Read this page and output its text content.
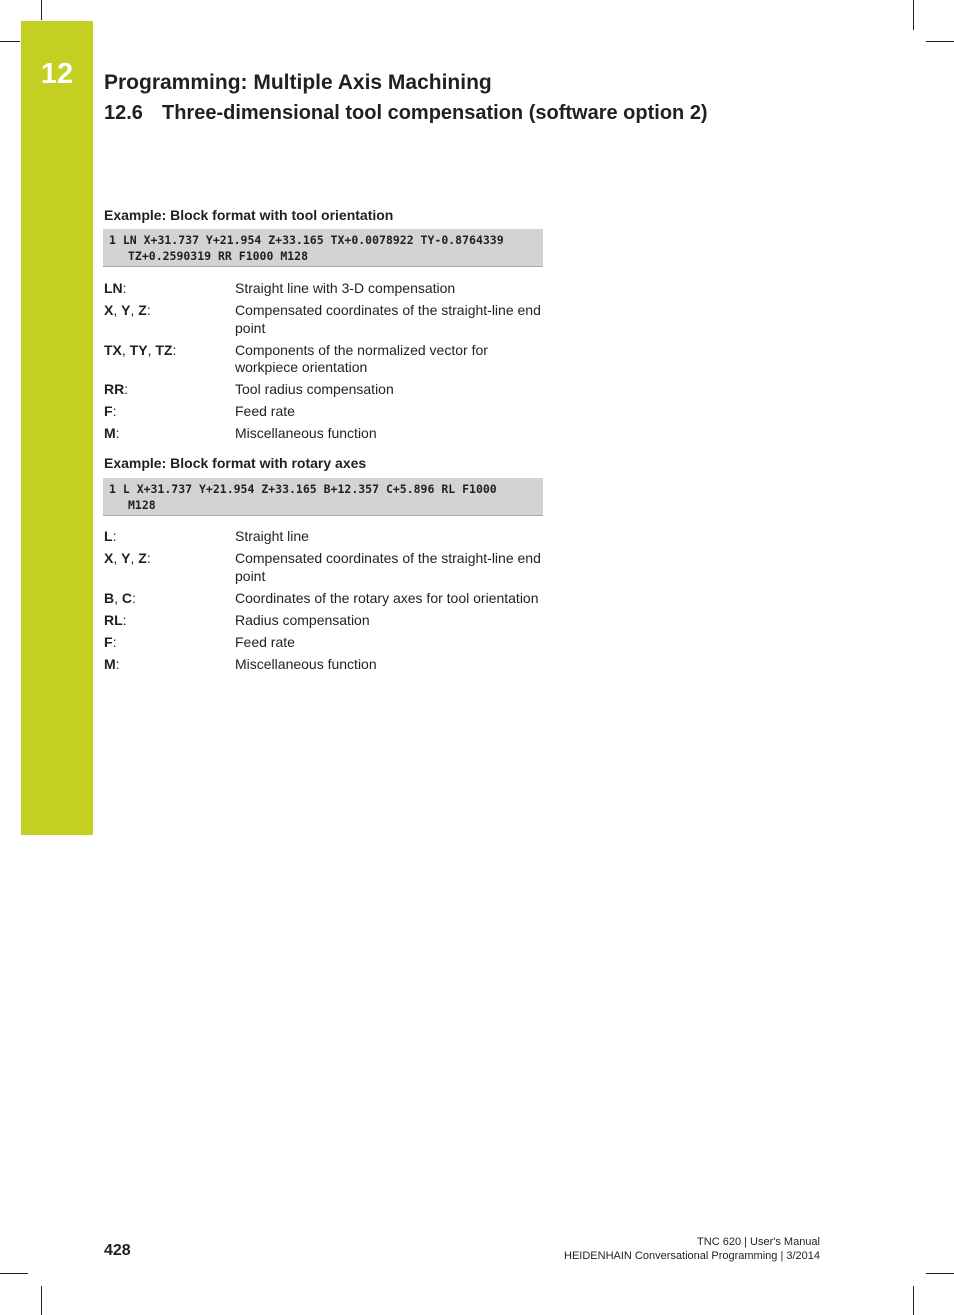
12	Programming: Multiple Axis Machining
12.6 Three-dimensional tool compensation (software option 2)
Example: Block format with tool orientation
1 LN X+31.737 Y+21.954 Z+33.165 TX+0.0078922 TY-0.8764339
TZ+0.2590319 RR F1000 M128
LN:	Straight line with 3-D compensation
X, Y, Z:	Compensated coordinates of the straight-line end point
TX, TY, TZ:	Components of the normalized vector for workpiece orientation
RR:	Tool radius compensation
F:	Feed rate
M:	Miscellaneous function
Example: Block format with rotary axes
1 L X+31.737 Y+21.954 Z+33.165 B+12.357 C+5.896 RL F1000
M128
L:	Straight line
X, Y, Z:	Compensated coordinates of the straight-line end point
B, C:	Coordinates of the rotary axes for tool orientation
RL:	Radius compensation
F:	Feed rate
M:	Miscellaneous function
428	TNC 620 | User's Manual
HEIDENHAIN Conversational Programming | 3/2014
